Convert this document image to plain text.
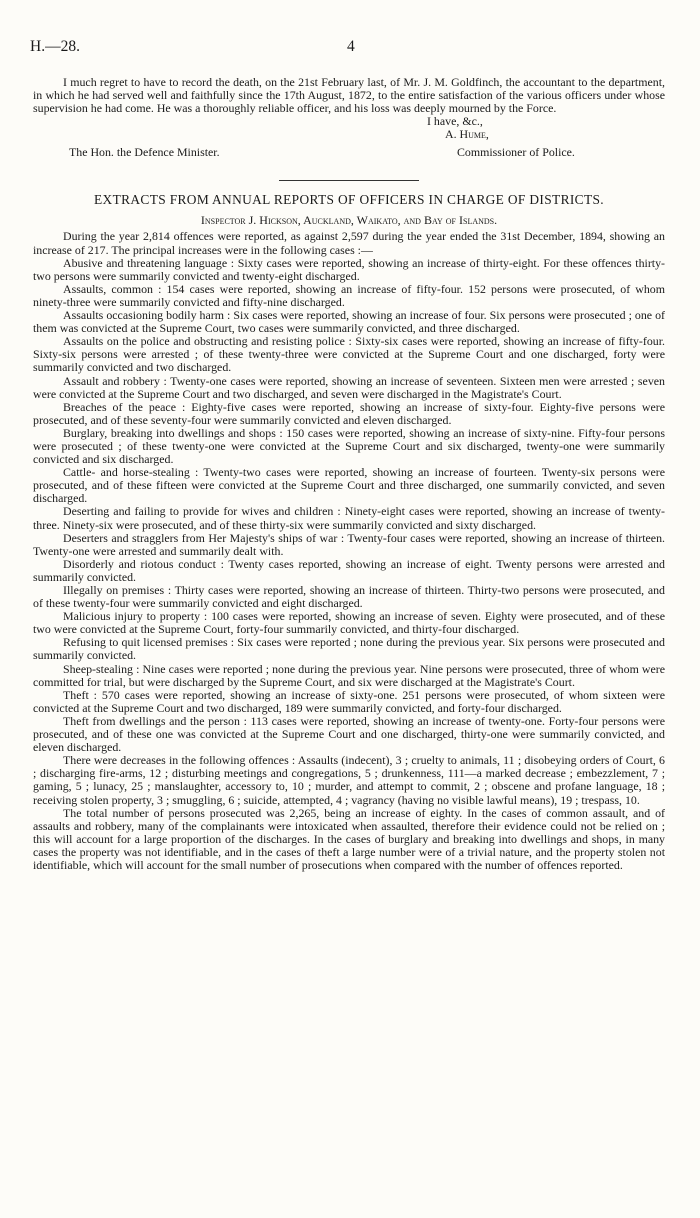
H.—28.	4

I much regret to have to record the death, on the 21st February last, of Mr. J. M. Goldfinch, the accountant to the department, in which he had served well and faithfully since the 17th August, 1872, to the entire satisfaction of the various officers under whose supervision he had come. He was a thoroughly reliable officer, and his loss was deeply mourned by the Force.

I have, &c.,
A. Hume,
The Hon. the Defence Minister.	Commissioner of Police.
EXTRACTS FROM ANNUAL REPORTS OF OFFICERS IN CHARGE OF DISTRICTS.
Inspector J. Hickson, Auckland, Waikato, and Bay of Islands.

During the year 2,814 offences were reported, as against 2,597 during the year ended the 31st December, 1894, showing an increase of 217. The principal increases were in the following cases :—

Abusive and threatening language : Sixty cases were reported, showing an increase of thirty-eight. For these offences thirty-two persons were summarily convicted and twenty-eight discharged.

Assaults, common : 154 cases were reported, showing an increase of fifty-four. 152 persons were prosecuted, of whom ninety-three were summarily convicted and fifty-nine discharged.

Assaults occasioning bodily harm : Six cases were reported, showing an increase of four. Six persons were prosecuted ; one of them was convicted at the Supreme Court, two cases were summarily convicted, and three discharged.

Assaults on the police and obstructing and resisting police : Sixty-six cases were reported, showing an increase of fifty-four. Sixty-six persons were arrested ; of these twenty-three were convicted at the Supreme Court and one discharged, forty were summarily convicted and two discharged.

Assault and robbery : Twenty-one cases were reported, showing an increase of seventeen. Sixteen men were arrested ; seven were convicted at the Supreme Court and two discharged, and seven were discharged in the Magistrate's Court.

Breaches of the peace : Eighty-five cases were reported, showing an increase of sixty-four. Eighty-five persons were prosecuted, and of these seventy-four were summarily convicted and eleven discharged.

Burglary, breaking into dwellings and shops : 150 cases were reported, showing an increase of sixty-nine. Fifty-four persons were prosecuted ; of these twenty-one were convicted at the Supreme Court and six discharged, twenty-one were summarily convicted and six discharged.

Cattle- and horse-stealing : Twenty-two cases were reported, showing an increase of fourteen. Twenty-six persons were prosecuted, and of these fifteen were convicted at the Supreme Court and three discharged, one summarily convicted, and seven discharged.

Deserting and failing to provide for wives and children : Ninety-eight cases were reported, showing an increase of twenty-three. Ninety-six were prosecuted, and of these thirty-six were summarily convicted and sixty discharged.

Deserters and stragglers from Her Majesty's ships of war : Twenty-four cases were reported, showing an increase of thirteen. Twenty-one were arrested and summarily dealt with.

Disorderly and riotous conduct : Twenty cases reported, showing an increase of eight. Twenty persons were arrested and summarily convicted.

Illegally on premises : Thirty cases were reported, showing an increase of thirteen. Thirty-two persons were prosecuted, and of these twenty-four were summarily convicted and eight discharged.

Malicious injury to property : 100 cases were reported, showing an increase of seven. Eighty were prosecuted, and of these two were convicted at the Supreme Court, forty-four summarily convicted, and thirty-four discharged.

Refusing to quit licensed premises : Six cases were reported ; none during the previous year. Six persons were prosecuted and summarily convicted.

Sheep-stealing : Nine cases were reported ; none during the previous year. Nine persons were prosecuted, three of whom were committed for trial, but were discharged by the Supreme Court, and six were discharged at the Magistrate's Court.

Theft : 570 cases were reported, showing an increase of sixty-one. 251 persons were prosecuted, of whom sixteen were convicted at the Supreme Court and two discharged, 189 were summarily convicted, and forty-four discharged.

Theft from dwellings and the person : 113 cases were reported, showing an increase of twenty-one. Forty-four persons were prosecuted, and of these one was convicted at the Supreme Court and one discharged, thirty-one were summarily convicted, and eleven discharged.

There were decreases in the following offences : Assaults (indecent), 3 ; cruelty to animals, 11 ; disobeying orders of Court, 6 ; discharging fire-arms, 12 ; disturbing meetings and congregations, 5 ; drunkenness, 111—a marked decrease ; embezzlement, 7 ; gaming, 5 ; lunacy, 25 ; manslaughter, accessory to, 10 ; murder, and attempt to commit, 2 ; obscene and profane language, 18 ; receiving stolen property, 3 ; smuggling, 6 ; suicide, attempted, 4 ; vagrancy (having no visible lawful means), 19 ; trespass, 10.

The total number of persons prosecuted was 2,265, being an increase of eighty. In the cases of common assault, and of assaults and robbery, many of the complainants were intoxicated when assaulted, therefore their evidence could not be relied on ; this will account for a large proportion of the discharges. In the cases of burglary and breaking into dwellings and shops, in many cases the property was not identifiable, and in the cases of theft a large number were of a trivial nature, and the property stolen not identifiable, which will account for the small number of prosecutions when compared with the number of offences reported.
